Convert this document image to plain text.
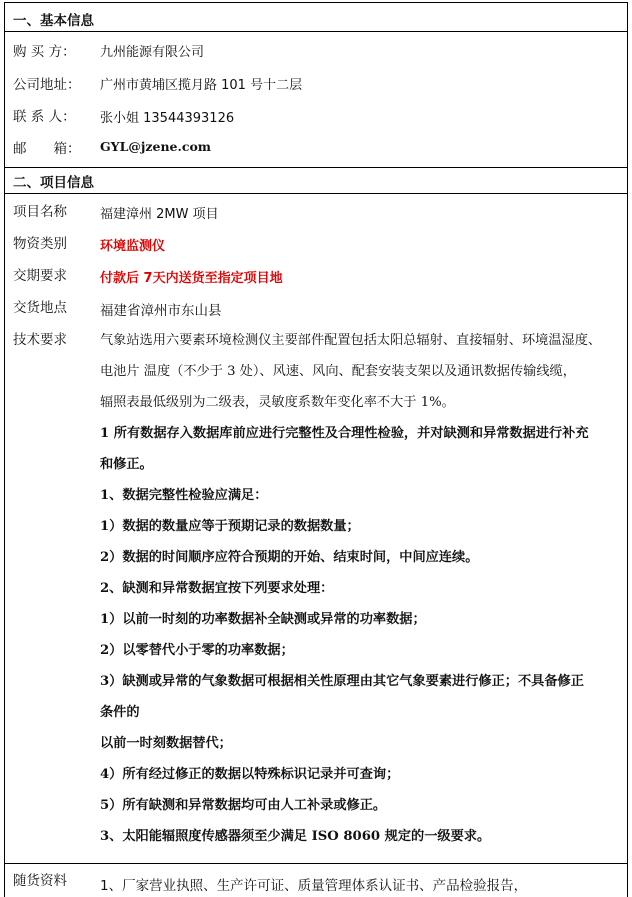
一、基本信息
购 买 方： 九州能源有限公司
公司地址： 广州市黄埔区揽月路 101 号十二层
联 系 人： 张小姐 13544393126
邮　　箱： GYL@jzene.com
二、项目信息
项目名称	福建漳州 2MW 项目
物资类别	环境监测仪
交期要求	付款后 7天内送货至指定项目地
交货地点 福建省漳州市东山县
技术要求	气象站选用六要素环境检测仪主要部件配置包括太阳总辐射、直接辐射、环境温湿度、

电池片 温度（不少于 3 处）、风速、风向、配套安装支架以及通讯数据传输线缆，

辐照表最低级别为二级表，灵敏度系数年变化率不大于 1%。

1 所有数据存入数据库前应进行完整性及合理性检验，并对缺测和异常数据进行补充

和修正。

1、数据完整性检验应满足：

1）数据的数量应等于预期记录的数据数量；

2）数据的时间顺序应符合预期的开始、结束时间，中间应连续。

2、缺测和异常数据宜按下列要求处理：

1）以前一时刻的功率数据补全缺测或异常的功率数据；

2）以零替代小于零的功率数据；

3）缺测或异常的气象数据可根据相关性原理由其它气象要素进行修正；不具备修正

条件的

以前一时刻数据替代；

4）所有经过修正的数据以特殊标识记录并可查询；

5）所有缺测和异常数据均可由人工补录或修正。

3、太阳能辐照度传感器须至少满足 ISO 8060 规定的一级要求。

随货资料 1、厂家营业执照、生产许可证、质量管理体系认证书、产品检验报告，
